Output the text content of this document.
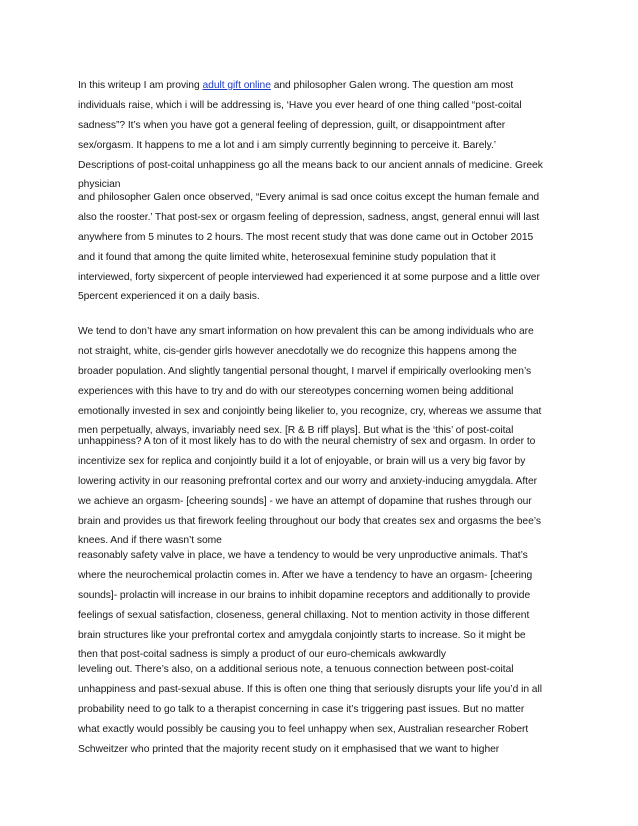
In this writeup I am proving adult gift online and philosopher Galen wrong. The question am most
individuals raise, which i will be addressing is, ‘Have you ever heard of one thing called “post-coital
sadness”? It’s when you have got a general feeling of depression, guilt, or disappointment after
sex/orgasm. It happens to me a lot and i am simply currently beginning to perceive it. Barely.’
Descriptions of post-coital unhappiness go all the means back to our ancient annals of medicine. Greek
physician

and philosopher Galen once observed, “Every animal is sad once coitus except the human female and
also the rooster.’ That post-sex or orgasm feeling of depression, sadness, angst, general ennui will last
anywhere from 5 minutes to 2 hours. The most recent study that was done came out in October 2015
and it found that among the quite limited white, heterosexual feminine study population that it
interviewed, forty sixpercent of people interviewed had experienced it at some purpose and a little over
5percent experienced it on a daily basis.

We tend to don’t have any smart information on how prevalent this can be among individuals who are
not straight, white, cis-gender girls however anecdotally we do recognize this happens among the
broader population. And slightly tangential personal thought, I marvel if empirically overlooking men’s
experiences with this have to try and do with our stereotypes concerning women being additional
emotionally invested in sex and conjointly being likelier to, you recognize, cry, whereas we assume that
men perpetually, always, invariably need sex. [R & B riff plays]. But what is the ‘this’ of post-coital

unhappiness? A ton of it most likely has to do with the neural chemistry of sex and orgasm. In order to
incentivize sex for replica and conjointly build it a lot of enjoyable, or brain will us a very big favor by
lowering activity in our reasoning prefrontal cortex and our worry and anxiety-inducing amygdala. After
we achieve an orgasm- [cheering sounds] - we have an attempt of dopamine that rushes through our
brain and provides us that firework feeling throughout our body that creates sex and orgasms the bee’s
knees. And if there wasn’t some

reasonably safety valve in place, we have a tendency to would be very unproductive animals. That’s
where the neurochemical prolactin comes in. After we have a tendency to have an orgasm- [cheering
sounds]- prolactin will increase in our brains to inhibit dopamine receptors and additionally to provide
feelings of sexual satisfaction, closeness, general chillaxing. Not to mention activity in those different
brain structures like your prefrontal cortex and amygdala conjointly starts to increase. So it might be
then that post-coital sadness is simply a product of our euro-chemicals awkwardly

leveling out. There’s also, on a additional serious note, a tenuous connection between post-coital
unhappiness and past-sexual abuse. If this is often one thing that seriously disrupts your life you’d in all
probability need to go talk to a therapist concerning in case it’s triggering past issues. But no matter
what exactly would possibly be causing you to feel unhappy when sex, Australian researcher Robert
Schweitzer who printed that the majority recent study on it emphasised that we want to higher
